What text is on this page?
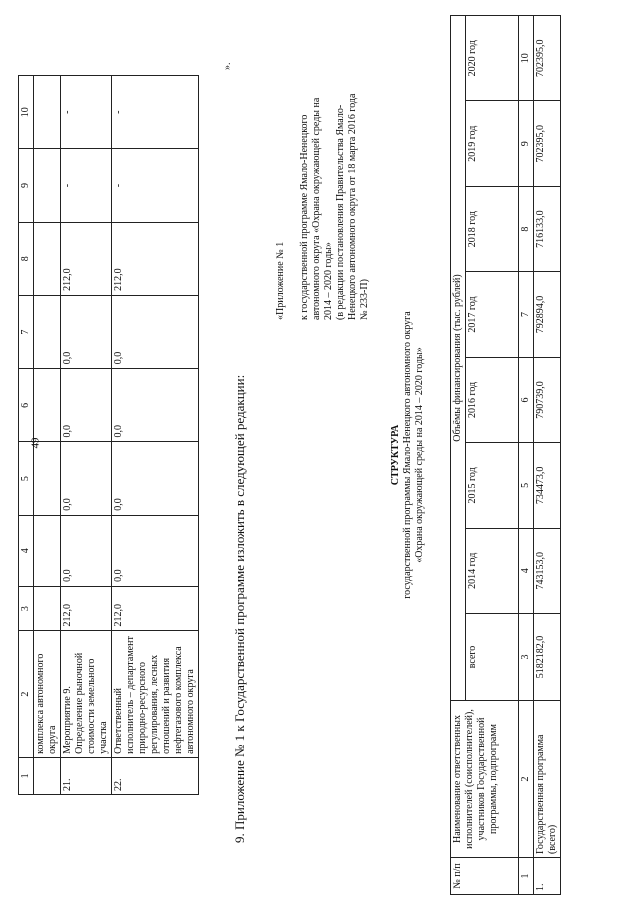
1	2	3	4	5	6	7	8	9	10
	комплекса автономного округа								
21.	Мероприятие 9. Определение рыночной стоимости земельного участка	212,0	0,0	0,0	0,0	0,0	212,0	-	-
22.	Ответственный исполнитель – департамент природно-ресурсного регулирования, лесных отношений и развития нефтегазового комплекса автономного округа	212,0	0,0	0,0	0,0	0,0	212,0	-	-
».
9. Приложение № 1 к Государственной программе изложить в следующей редакции:
«Приложение № 1 к государственной программе Ямало-Ненецкого автономного округа «Охрана окружающей среды на 2014 – 2020 годы» (в редакции постановления Правительства Ямало-Ненецкого автономного округа от 18 марта 2016 года № 233-П)
СТРУКТУРА государственной программы Ямало-Ненецкого автономного округа «Охрана окружающей среды на 2014 – 2020 годы»
№ п/п	Наименование ответственных исполнителей (соисполнителей), участников Государственной программы, подпрограмм	Объёмы финансирования (тыс. рублей)							
		всего	2014 год	2015 год	2016 год	2017 год	2018 год	2019 год	2020 год
1	2	3	4	5	6	7	8	9	10
1.	Государственная программа (всего)	5182182,0	743153,0	734473,0	790739,0	792894,0	716133,0	702395,0	702395,0
49
